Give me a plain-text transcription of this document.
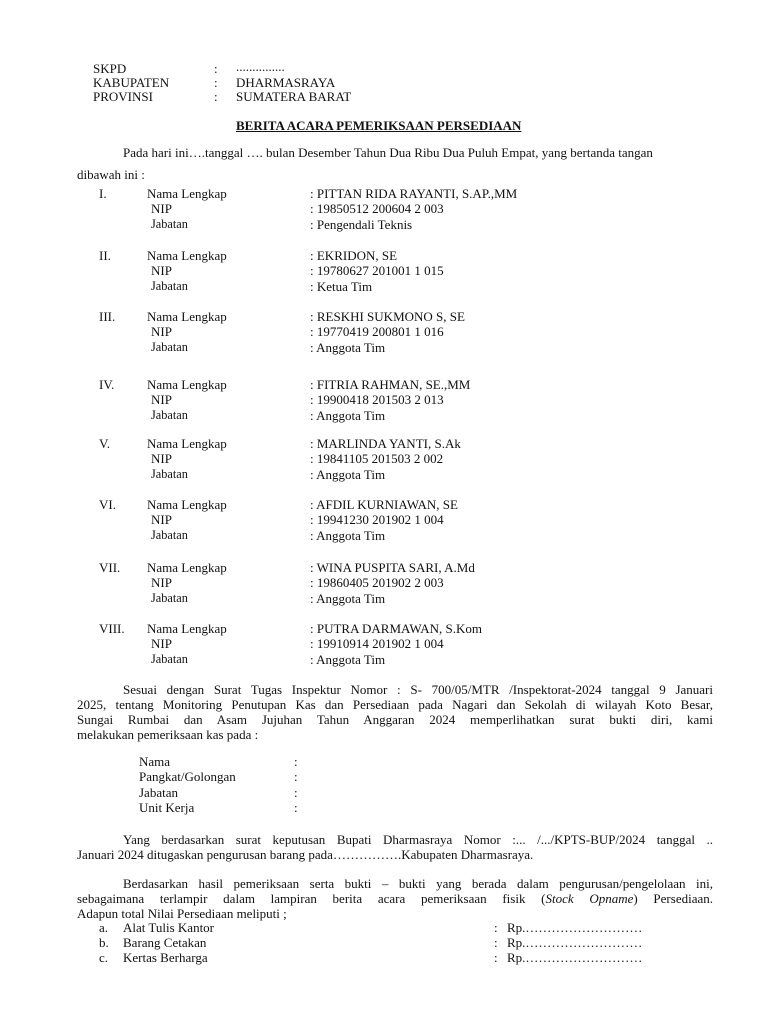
SKPD	: ...............
KABUPATEN	: DHARMASRAYA
PROVINSI	: SUMATERA BARAT
BERITA ACARA PEMERIKSAAN PERSEDIAAN
Pada hari ini….tanggal …. bulan Desember Tahun Dua Ribu Dua Puluh Empat, yang bertanda tangan
dibawah ini :
I.	Nama Lengkap	: PITTAN RIDA RAYANTI, S.AP.,MM
NIP	: 19850512 200604 2 003
Jabatan	: Pengendali Teknis
II.	Nama Lengkap	: EKRIDON, SE
NIP	: 19780627 201001 1 015
Jabatan	: Ketua Tim
III. Nama Lengkap	: RESKHI SUKMONO S, SE
NIP	: 19770419 200801 1 016
Jabatan	: Anggota Tim
IV.	Nama Lengkap	: FITRIA RAHMAN, SE.,MM
NIP	: 19900418 201503 2 013
Jabatan	: Anggota Tim
V.	Nama Lengkap	: MARLINDA YANTI, S.Ak
NIP	: 19841105 201503 2 002
Jabatan	: Anggota Tim
VI. Nama Lengkap	: AFDIL KURNIAWAN, SE
NIP	: 19941230 201902 1 004
Jabatan	: Anggota Tim
VII. Nama Lengkap	: WINA PUSPITA SARI, A.Md
NIP	: 19860405 201902 2 003
Jabatan	: Anggota Tim
VIII. Nama Lengkap	: PUTRA DARMAWAN, S.Kom
NIP	: 19910914 201902 1 004
Jabatan	: Anggota Tim
Sesuai dengan Surat Tugas Inspektur Nomor : S- 700/05/MTR /Inspektorat-2024 tanggal 9 Januari
2025, tentang Monitoring Penutupan Kas dan Persediaan pada Nagari dan Sekolah di wilayah Koto Besar,
Sungai Rumbai dan Asam Jujuhan Tahun Anggaran 2024 memperlihatkan surat bukti diri, kami
melakukan pemeriksaan kas pada :
Nama	:
Pangkat/Golongan	:
Jabatan	:
Unit Kerja	:
Yang berdasarkan surat keputusan Bupati Dharmasraya Nomor :... /.../KPTS-BUP/2024 tanggal ..
Januari 2024 ditugaskan pengurusan barang pada…………….Kabupaten Dharmasraya.
Berdasarkan hasil pemeriksaan serta bukti – bukti yang berada dalam pengurusan/pengelolaan ini,
sebagaimana terlampir dalam lampiran berita acara pemeriksaan fisik (Stock Opname) Persediaan.
Adapun total Nilai Persediaan meliputi ;
a. Alat Tulis Kantor	: Rp.………………………
b. Barang Cetakan	: Rp.………………………
c. Kertas Berharga	: Rp.………………………
